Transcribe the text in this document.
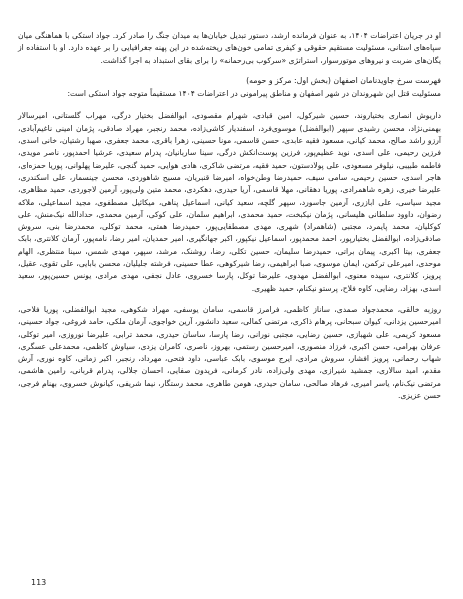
او در جریان اعتراضات ۱۴۰۴، به عنوان فرمانده ارشد، دستور تبدیل خیابان‌ها به میدان جنگ را صادر کرد. جواد استکی با هماهنگی میان سپاه‌های استانی، مسئولیت مستقیم حقوقی و کیفری تمامی خون‌های ریخته‌شده در این پهنه جغرافیایی را بر عهده دارد. او با استفاده از یگان‌های ضربت و نیروهای موتورسوار، استراتژی «سرکوب بی‌رحمانه» را برای بقای استبداد به اجرا گذاشت.

فهرست سرخ جاویدنامان اصفهان (بخش اول: مرکز و حومه)

مسئولیت قتل این شهروندان در شهر اصفهان و مناطق پیرامونی در اعتراضات ۱۴۰۴ مستقیماً متوجه جواد استکی است:

داریوش انصاری بختیاروند، حسین شیرکول، امین قبادی، شهرام مقصودی، ابوالفضل بختیار درگی، مهراب گلستانی، امیرسالار بهمنی‌نژاد، محسن رشیدی سپهر (ابوالفضل) موسوی‌فرد، اسفندیار کاشی‌زاده، محمد رنجبر، مهراد صادقی، پژمان امینی ناغیم‌آبادی، آرزو راشد صالح، محمد کیانی، مسعود فقیه عابدی، حسن قاسمی، مونا حسینی، زهرا باقری، محمد جعفری، صهبا رشتیان، خانی اسدی، فرزین رحیمی، علی اسدی، نوید عظیم‌پور، فرزین پوست‌انکش درگی، سینا ساربانیان، پدرام سعیدی، عرشیا احمدپور، ناصر مویدی، فاطمه طبیبی، نیلوفر مسعودی، علی پولادستون، حمید فقیه، مرتضی شاکری، هادی هوایی، حمید گنجی، علیرضا پهلوانی، پوریا حمزه‌ای، هاجر اسدی، حسین رحیمی، سامی سیف، حمیدرضا وطن‌خواه، امیرضا قنبریان، مسیح شاهوردی، محسن جینسمار، علی اسکندری، علیرضا خیری، زهره شاهمرادی، پوریا دهقانی، مهلا قاسمی، آریا حیدری، دهکردی، محمد متین ولی‌پور، آرمین لاجوردی، حمید مظاهری، مجید سیاسی، علی ابازری، آرمین جاسورد، سپهر گلچه، سعید کیانی، اسماعیل پناهی، میکائیل مصطفوی، مجید اسماعیلی، ملاکه رضوان، داوود سلطانی هلیسانی، پژمان نیکبخت، حمید محمدی، ابراهیم سلمان، علی کوکی، آرمین محمدی، حدادالله نیک‌منش، علی کوکلیان، محمد پایمرد، مجتبی (شاهمراد) شهری، مهدی مصطفایی‌پور، حمیدرضا همتی، محمد توکلی، محمدرضا بنی، سروش صادقی‌زاده، ابوالفضل بختیارپور، احمد محمدپور، اسماعیل نیکپور، اکبر جهانگیری، امیر حمدیان، امیر رضا، نامه‌پور، آرمان کلانتری، بابک جعفری، بیتا اکبری، پیمان براتی، حمیدرضا سلیمان، حسین تکلی، رضا، روشنک، مرشد، سپهر، مهدی شمس، سینا منتظری، الهام موحدی، امیرعلی ترکمن، ایمان موسوی، صبا ابراهیمی، رضا شیرکوهی، عطا حسینی، فرشته جلیلیان، محسن بابایی، علی تقوی، عقیل، پرویز، کلانتری، سپیده معنوی، ابوالفضل مهدوی، علیرضا توکل، پارسا خسروی، عادل نجفی، مهدی مرادی، یونس حسین‌پور، سعید اسدی، بهزاد، رضایی، کاوه فلاح، پرستو نیکنام، حمید ظهیری.

روزبه خالقی، محمدجواد صمدی، ساناز کاظمی، فرامرز قاسمی، سامان یوسفی، مهراد شکوهی، مجید ابوالفضلی، پوریا فلاحی، امیرحسین یزدانی، کیوان سبحانی، پرهام ذاکری، مرتضی کمالی، سعید دانشور، آرین خواجوی، آرمان ملکی، حامد فروغی، جواد حسینی، مسعود کریمی، علی شهبازی، حسین رضایی، مجتبی نورانی، رضا پارسا، ساسان حیدری، محمد ترابی، علیرضا نوروزی، امیر توکلی، عرفان بهرامی، حسن اکبری، فرزاد منصوری، امیرحسین رستمی، بهروز، ناصری، کامران یزدی، سیاوش کاظمی، محمدعلی عسگری، شهاب رحمانی، پرویز افشار، سروش مرادی، ایرج موسوی، بابک عباسی، داود فتحی، مهرداد، رنجبر، اکبر زمانی، کاوه نوری، آرش مقدم، امید سالاری، جمشید شیرازی، مهدی ولی‌زاده، نادر کرمانی، فریدون صفایی، احسان جلالی، پدرام قربانی، رامین هاشمی، مرتضی نیک‌نام، یاسر امیری، فرهاد صالحی، سامان حیدری، هومن طاهری، محمد رستگار، نیما شریفی، کیانوش خسروی، بهنام فرجی، حسن عزیزی.

113
